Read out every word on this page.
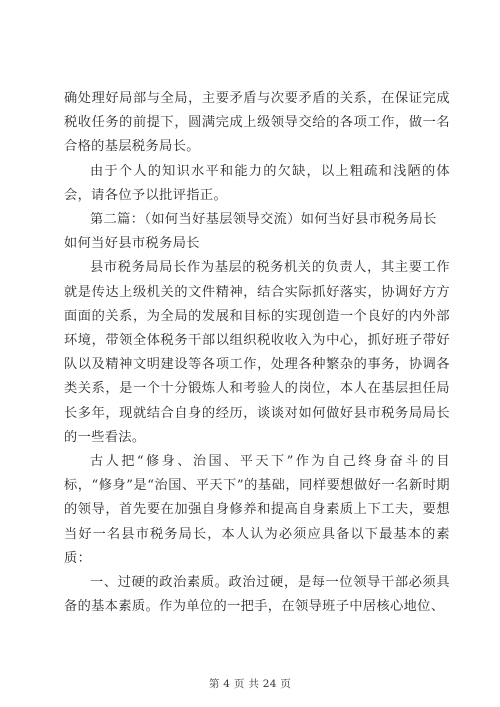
确处理好局部与全局，主要矛盾与次要矛盾的关系，在保证完成税收任务的前提下，圆满完成上级领导交给的各项工作，做一名合格的基层税务局长。

由于个人的知识水平和能力的欠缺，以上粗疏和浅陋的体会，请各位予以批评指正。

第二篇：（如何当好基层领导交流）如何当好县市税务局长如何当好县市税务局长

县市税务局局长作为基层的税务机关的负责人，其主要工作就是传达上级机关的文件精神，结合实际抓好落实，协调好方方面面的关系，为全局的发展和目标的实现创造一个良好的内外部环境，带领全体税务干部以组织税收收入为中心，抓好班子带好队以及精神文明建设等各项工作，处理各种繁杂的事务，协调各类关系，是一个十分锻炼人和考验人的岗位，本人在基层担任局长多年，现就结合自身的经历，谈谈对如何做好县市税务局局长的一些看法。

古人把“修身、治国、平天下”作为自己终身奋斗的目标，“修身”是“治国、平天下”的基础，同样要想做好一名新时期的领导，首先要在加强自身修养和提高自身素质上下工夫，要想当好一名县市税务局长，本人认为必须应具备以下最基本的素质：

一、过硬的政治素质。政治过硬，是每一位领导干部必须具备的基本素质。作为单位的一把手，在领导班子中居核心地位、

第 4 页 共 24 页
